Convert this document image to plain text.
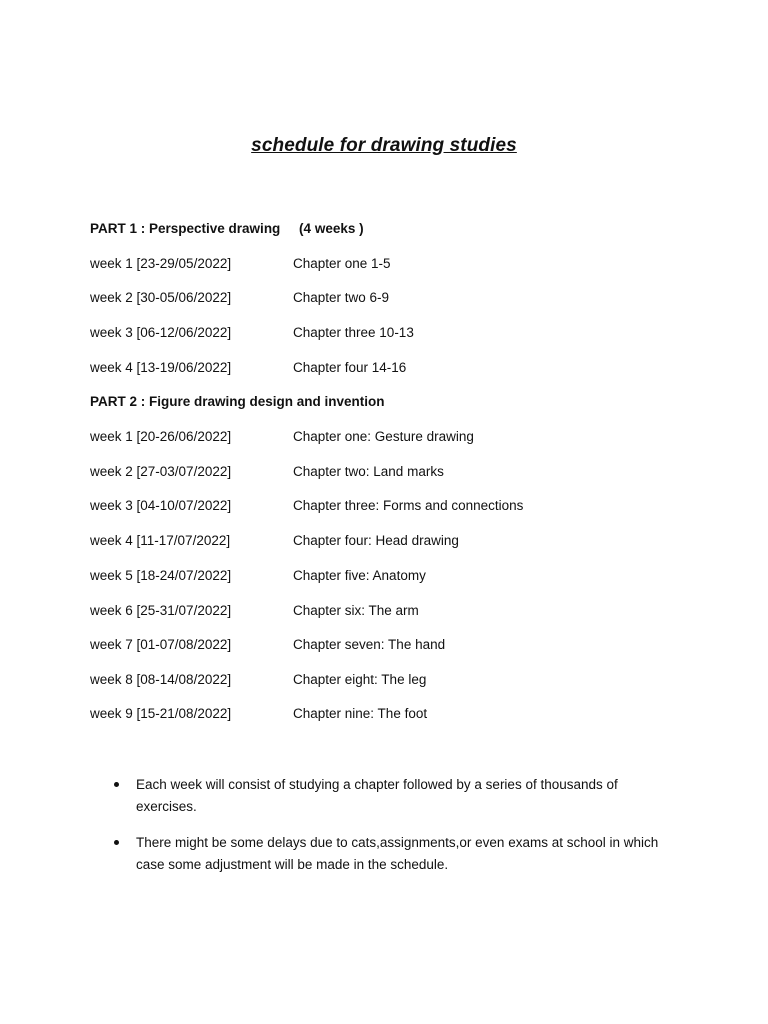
schedule for drawing studies
PART 1 : Perspective drawing     (4 weeks )
week 1 [23-29/05/2022]	Chapter one 1-5
week 2 [30-05/06/2022]	Chapter two 6-9
week 3 [06-12/06/2022]	Chapter three 10-13
week 4 [13-19/06/2022]	Chapter four 14-16
PART 2 : Figure drawing design and invention
week 1 [20-26/06/2022]	Chapter one: Gesture drawing
week 2 [27-03/07/2022]	Chapter two: Land marks
week 3 [04-10/07/2022]	Chapter three: Forms and connections
week 4 [11-17/07/2022]	Chapter four: Head drawing
week 5 [18-24/07/2022]	Chapter five: Anatomy
week 6 [25-31/07/2022]	Chapter six: The arm
week 7 [01-07/08/2022]	Chapter seven: The hand
week 8 [08-14/08/2022]	Chapter eight: The leg
week 9 [15-21/08/2022]	Chapter nine: The foot
Each week will consist of studying a chapter followed by a series of thousands of exercises.
There might be some delays due to cats,assignments,or even exams at school in which case some adjustment will be made in the schedule.
